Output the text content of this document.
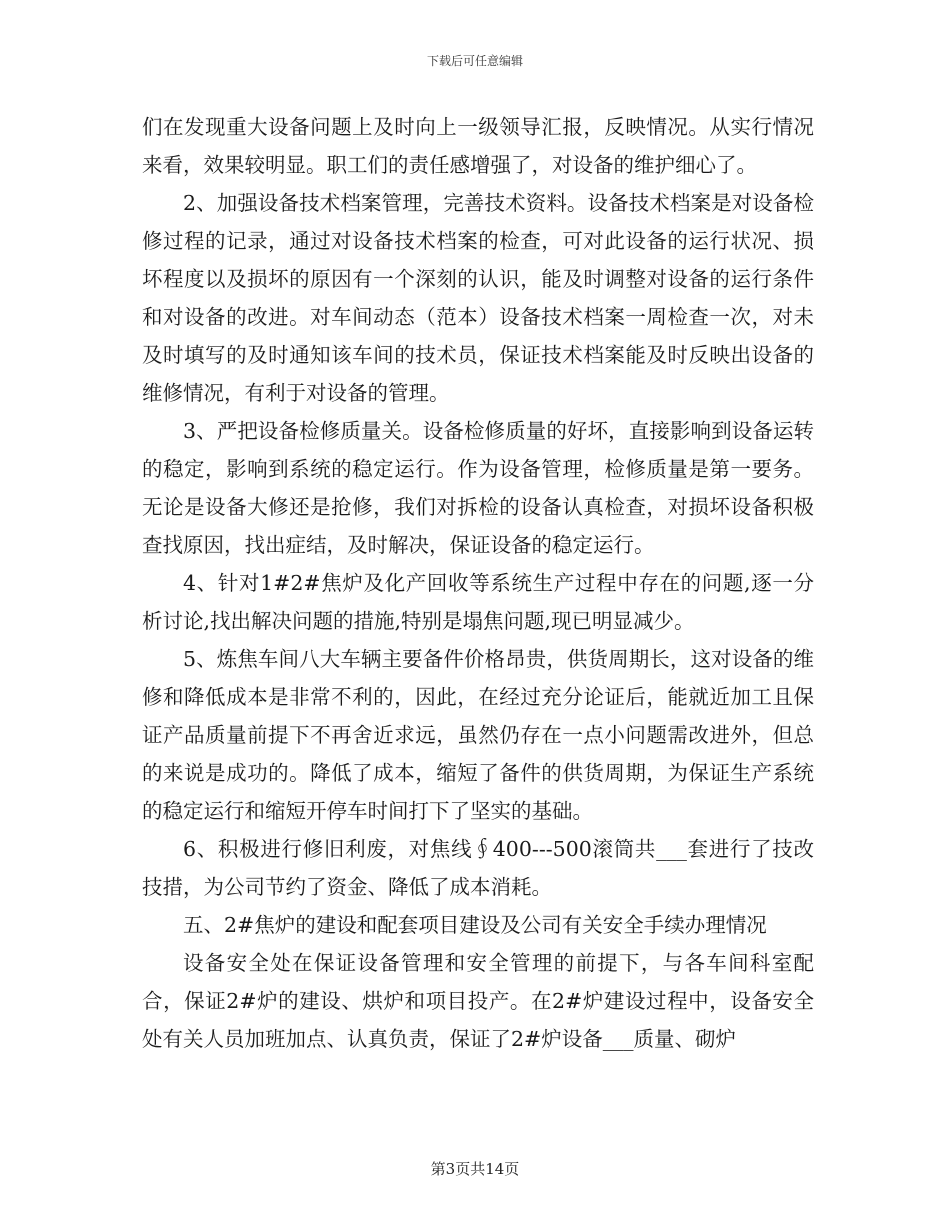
下载后可任意编辑

们在发现重大设备问题上及时向上一级领导汇报，反映情况。从实行情况来看，效果较明显。职工们的责任感增强了，对设备的维护细心了。

2、加强设备技术档案管理，完善技术资料。设备技术档案是对设备检修过程的记录，通过对设备技术档案的检查，可对此设备的运行状况、损坏程度以及损坏的原因有一个深刻的认识，能及时调整对设备的运行条件和对设备的改进。对车间动态（范本）设备技术档案一周检查一次，对未及时填写的及时通知该车间的技术员，保证技术档案能及时反映出设备的维修情况，有利于对设备的管理。

3、严把设备检修质量关。设备检修质量的好坏，直接影响到设备运转的稳定，影响到系统的稳定运行。作为设备管理，检修质量是第一要务。无论是设备大修还是抢修，我们对拆检的设备认真检查，对损坏设备积极查找原因，找出症结，及时解决，保证设备的稳定运行。

4、针对1#2#焦炉及化产回收等系统生产过程中存在的问题,逐一分析讨论,找出解决问题的措施,特别是塌焦问题,现已明显减少。

5、炼焦车间八大车辆主要备件价格昂贵，供货周期长，这对设备的维修和降低成本是非常不利的，因此，在经过充分论证后，能就近加工且保证产品质量前提下不再舍近求远，虽然仍存在一点小问题需改进外，但总的来说是成功的。降低了成本，缩短了备件的供货周期，为保证生产系统的稳定运行和缩短开停车时间打下了坚实的基础。

6、积极进行修旧利废，对焦线∮400---500滚筒共___套进行了技改技措，为公司节约了资金、降低了成本消耗。

五、2#焦炉的建设和配套项目建设及公司有关安全手续办理情况

设备安全处在保证设备管理和安全管理的前提下，与各车间科室配合，保证2#炉的建设、烘炉和项目投产。在2#炉建设过程中，设备安全处有关人员加班加点、认真负责，保证了2#炉设备___质量、砌炉

第3页共14页
